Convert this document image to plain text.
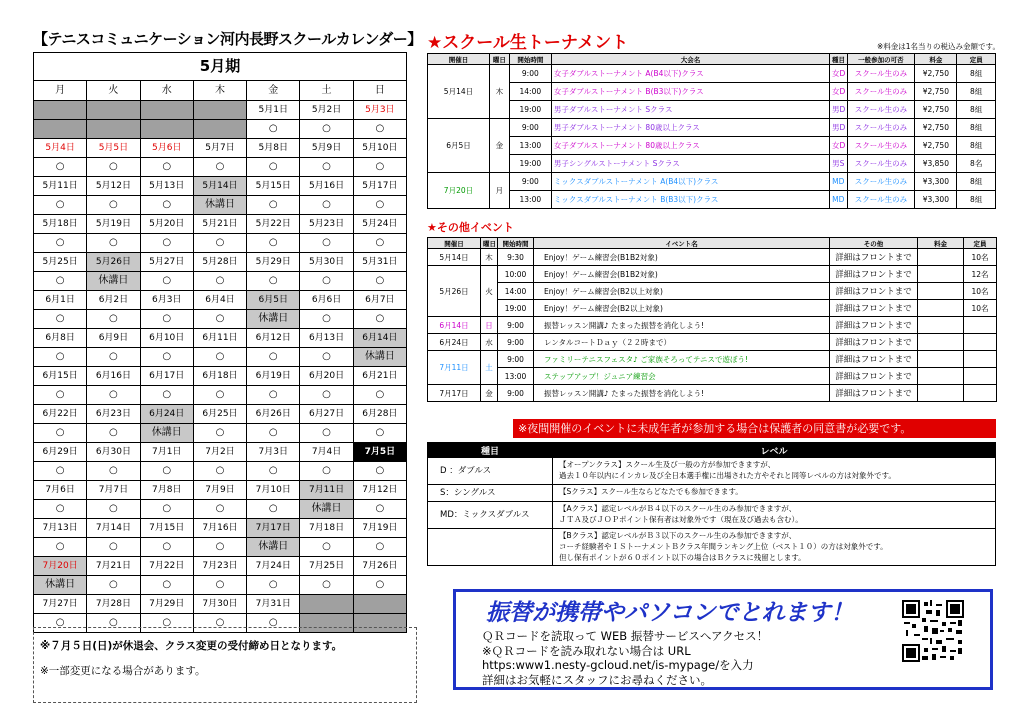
【テニスコミュニケーション河内長野スクールカレンダー】
5月期						
月	火	水	木	金	土	日
				5月1日	5月2日	5月3日
				○	○	○
5月4日	5月5日	5月6日	5月7日	5月8日	5月9日	5月10日
○	○	○	○	○	○	○
5月11日	5月12日	5月13日	5月14日	5月15日	5月16日	5月17日
○	○	○	休講日	○	○	○
5月18日	5月19日	5月20日	5月21日	5月22日	5月23日	5月24日
○	○	○	○	○	○	○
5月25日	5月26日	5月27日	5月28日	5月29日	5月30日	5月31日
○	休講日	○	○	○	○	○
6月1日	6月2日	6月3日	6月4日	6月5日	6月6日	6月7日
○	○	○	○	休講日	○	○
6月8日	6月9日	6月10日	6月11日	6月12日	6月13日	6月14日
○	○	○	○	○	○	休講日
6月15日	6月16日	6月17日	6月18日	6月19日	6月20日	6月21日
○	○	○	○	○	○	○
6月22日	6月23日	6月24日	6月25日	6月26日	6月27日	6月28日
○	○	休講日	○	○	○	○
6月29日	6月30日	7月1日	7月2日	7月3日	7月4日	7月5日
○	○	○	○	○	○	○
7月6日	7月7日	7月8日	7月9日	7月10日	7月11日	7月12日
○	○	○	○	○	休講日	○
7月13日	7月14日	7月15日	7月16日	7月17日	7月18日	7月19日
○	○	○	○	休講日	○	○
7月20日	7月21日	7月22日	7月23日	7月24日	7月25日	7月26日
休講日	○	○	○	○	○	○
7月27日	7月28日	7月29日	7月30日	7月31日		
○	○	○	○	○		

※７月５日(日)が休退会、クラス変更の受付締め日となります。

※一部変更になる場合があります。

★スクール生トーナメント	※料金は1名当りの税込み金額です。
開催日	曜日	開始時間	大会名	種目	一般参加の可否	料金	定員
5月14日	木	9:00	女子ダブルストーナメント A(B4以下)クラス	女D	スクール生のみ	¥2,750	8組
		14:00	女子ダブルストーナメント B(B3以下)クラス	女D	スクール生のみ	¥2,750	8組
		19:00	男子ダブルストーナメント Sクラス	男D	スクール生のみ	¥2,750	8組
6月5日	金	9:00	男子ダブルストーナメント 80歳以上クラス	男D	スクール生のみ	¥2,750	8組
		13:00	女子ダブルストーナメント 80歳以上クラス	女D	スクール生のみ	¥2,750	8組
		19:00	男子シングルストーナメント Sクラス	男S	スクール生のみ	¥3,850	8名
7月20日	月	9:00	ミックスダブルストーナメント A(B4以下)クラス	MD	スクール生のみ	¥3,300	8組
		13:00	ミックスダブルストーナメント B(B3以下)クラス	MD	スクール生のみ	¥3,300	8組
★その他イベント
開催日	曜日	開始時間	イベント名	その他	料金	定員
5月14日	木	9:30	Enjoy！ゲーム練習会(B1B2対象)	詳細はフロントまで		10名
5月26日	火	10:00	Enjoy！ゲーム練習会(B1B2対象)	詳細はフロントまで		12名
		14:00	Enjoy！ゲーム練習会(B2以上対象)	詳細はフロントまで		10名
		19:00	Enjoy！ゲーム練習会(B2以上対象)	詳細はフロントまで		10名
6月14日	日	9:00	振替レッスン開講♪ たまった振替を消化しよう!	詳細はフロントまで		
6月24日	水	9:00	レンタルコートＤａｙ（２２時まで）	詳細はフロントまで		
7月11日	土	9:00	ファミリーテニスフェスタ♪ ご家族そろってテニスで遊ぼう!	詳細はフロントまで		
		13:00	ステップアップ！ジュニア練習会	詳細はフロントまで		
7月17日	金	9:00	振替レッスン開講♪ たまった振替を消化しよう!	詳細はフロントまで		
※夜間開催のイベントに未成年者が参加する場合は保護者の同意書が必要です。
種目	レベル
D ：ダブルス	【オープンクラス】スクール生及び一般の方が参加できますが、
過去１０年以内にインカレ及び全日本選手権に出場された方やそれと同等レベルの方は対象外です。

S：シングルス	【Sクラス】スクール生ならどなたでも参加できます。

MD：ミックスダブルス	【Aクラス】認定レベルがＢ４以下のスクール生のみ参加できますが、
ＪＴＡ及びＪＯＰポイント保有者は対象外です（現在及び過去も含む）。

	【Bクラス】認定レベルがＢ３以下のスクール生のみ参加できますが、
コーチ経験者やＩＳトーナメントＢクラス年間ランキング上位（ベスト１０）の方は対象外です。
但し保有ポイントが６０ポイント以下の場合はＢクラスに残留とします。
振替が携帯やパソコンでとれます！
ＱＲコードを読取って WEB 振替サービスへアクセス！
※ＱＲコードを読み取れない場合は URL
https:www1.nesty-gcloud.net/is-mypage/を入力
詳細はお気軽にスタッフにお尋ねください。
